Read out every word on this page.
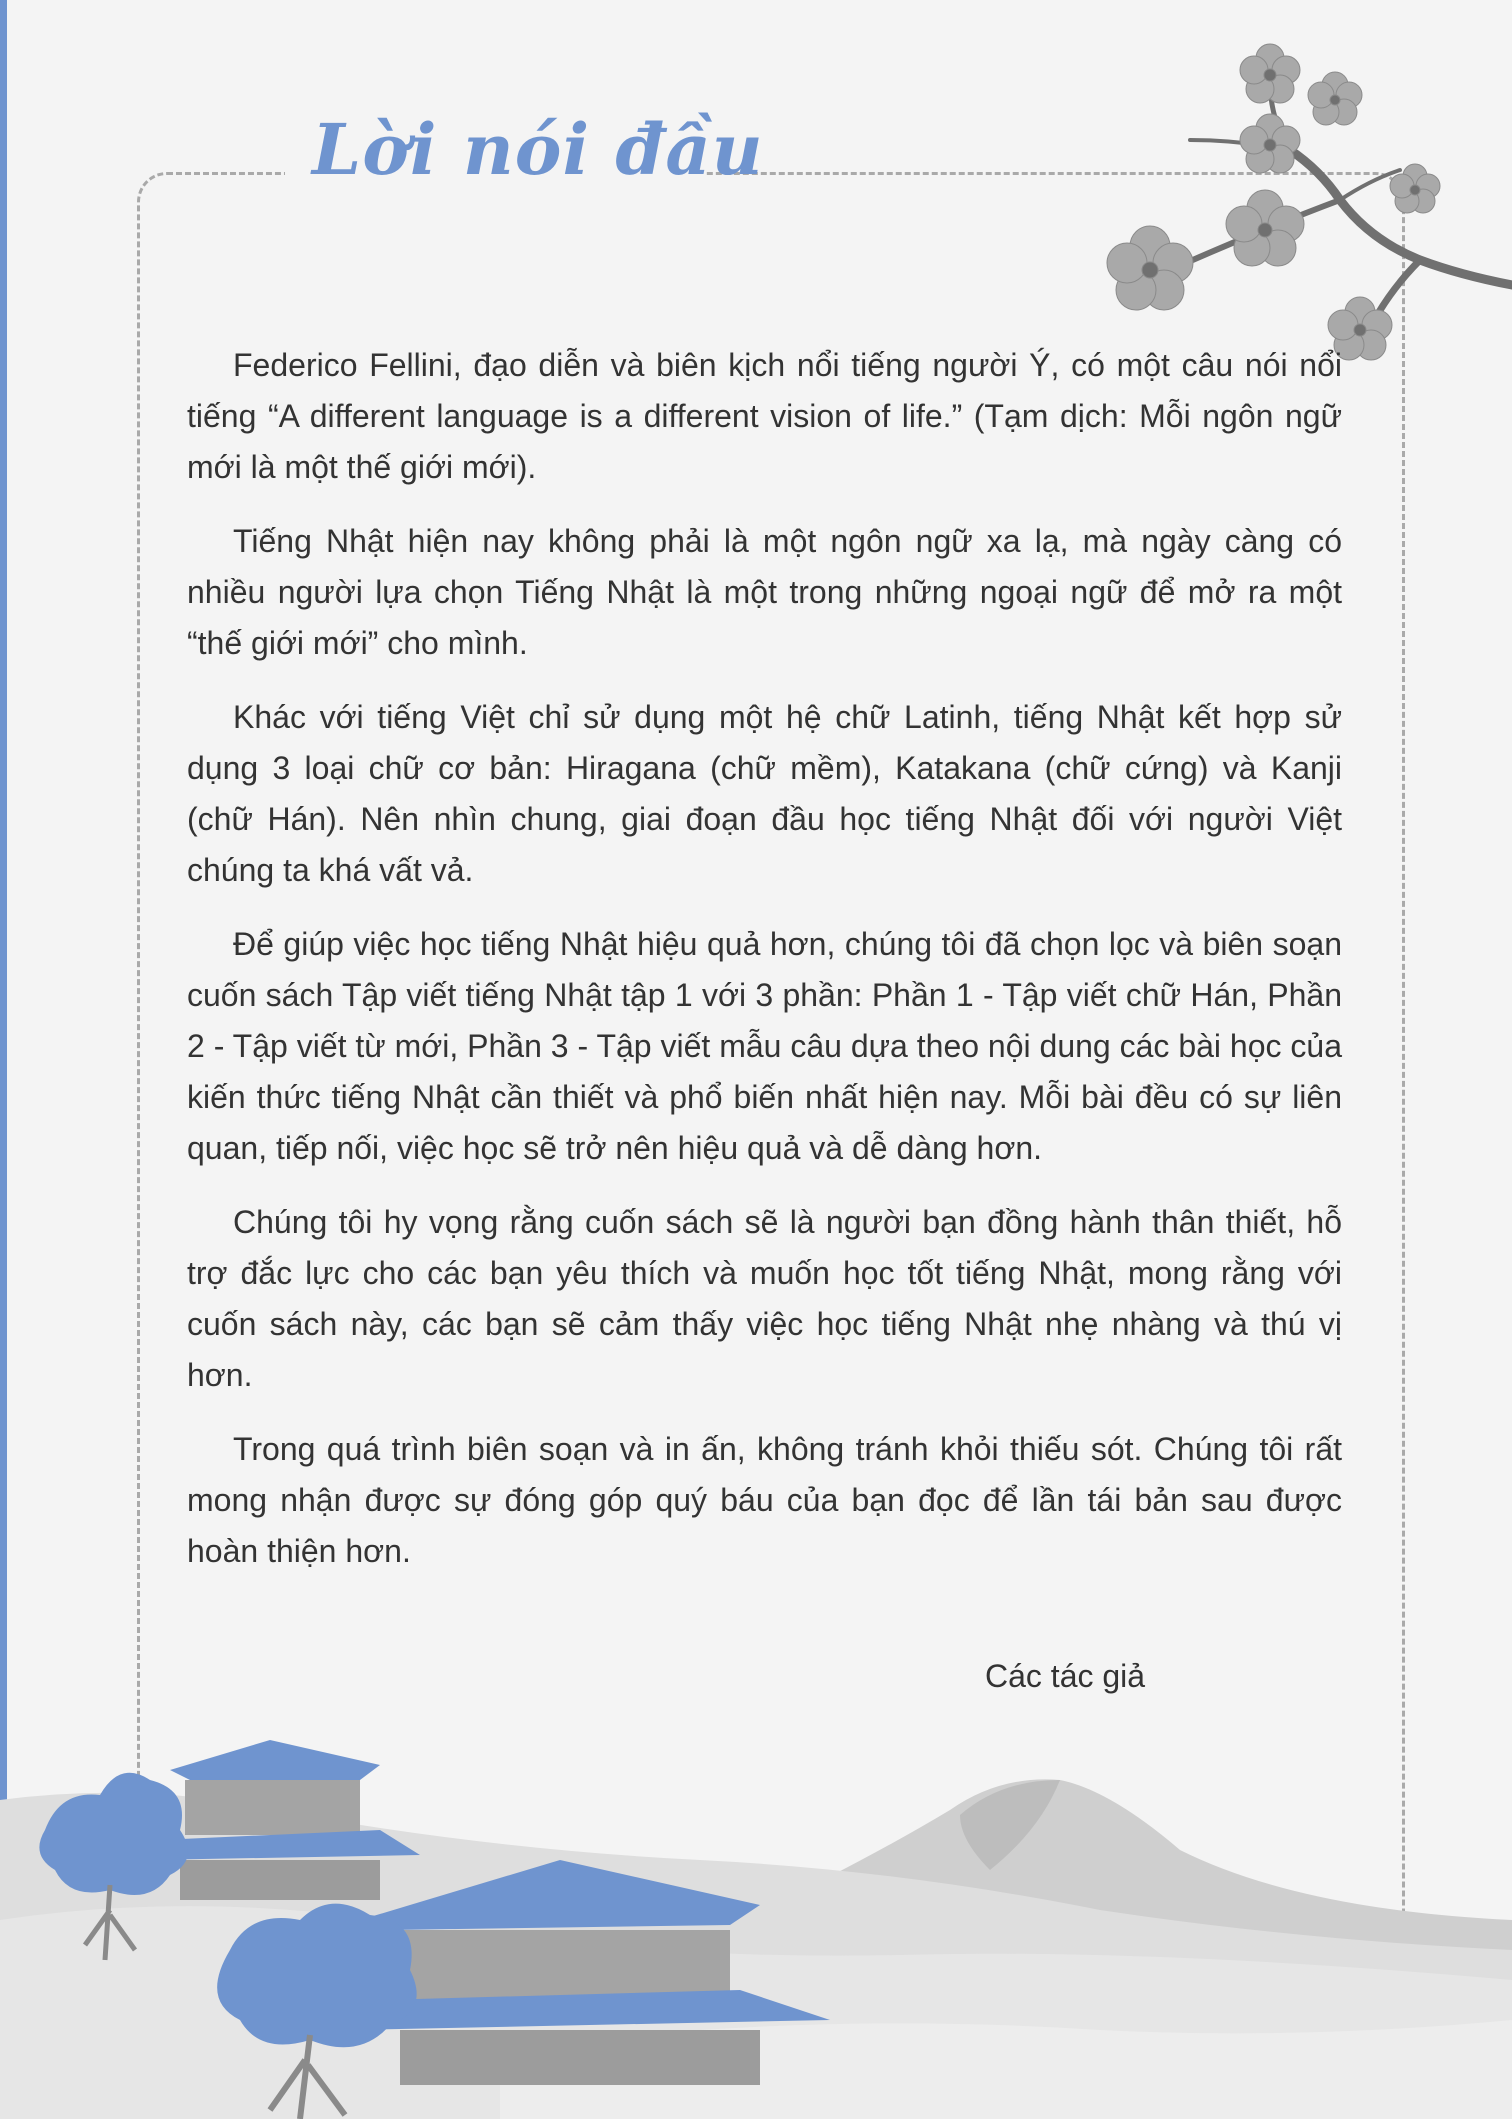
Lời nói đầu

Federico Fellini, đạo diễn và biên kịch nổi tiếng người Ý, có một câu nói nổi tiếng “A different language is a different vision of life.” (Tạm dịch: Mỗi ngôn ngữ mới là một thế giới mới).

Tiếng Nhật hiện nay không phải là một ngôn ngữ xa lạ, mà ngày càng có nhiều người lựa chọn Tiếng Nhật là một trong những ngoại ngữ để mở ra một “thế giới mới” cho mình.

Khác với tiếng Việt chỉ sử dụng một hệ chữ Latinh, tiếng Nhật kết hợp sử dụng 3 loại chữ cơ bản: Hiragana (chữ mềm), Katakana (chữ cứng) và Kanji (chữ Hán). Nên nhìn chung, giai đoạn đầu học tiếng Nhật đối với người Việt chúng ta khá vất vả.

Để giúp việc học tiếng Nhật hiệu quả hơn, chúng tôi đã chọn lọc và biên soạn cuốn sách Tập viết tiếng Nhật tập 1 với 3 phần: Phần 1 - Tập viết chữ Hán, Phần 2 - Tập viết từ mới, Phần 3 - Tập viết mẫu câu dựa theo nội dung các bài học của kiến thức tiếng Nhật cần thiết và phổ biến nhất hiện nay. Mỗi bài đều có sự liên quan, tiếp nối, việc học sẽ trở nên hiệu quả và dễ dàng hơn.

Chúng tôi hy vọng rằng cuốn sách sẽ là người bạn đồng hành thân thiết, hỗ trợ đắc lực cho các bạn yêu thích và muốn học tốt tiếng Nhật, mong rằng với cuốn sách này, các bạn sẽ cảm thấy việc học tiếng Nhật nhẹ nhàng và thú vị hơn.

Trong quá trình biên soạn và in ấn, không tránh khỏi thiếu sót. Chúng tôi rất mong nhận được sự đóng góp quý báu của bạn đọc để lần tái bản sau được hoàn thiện hơn.

Các tác giả
